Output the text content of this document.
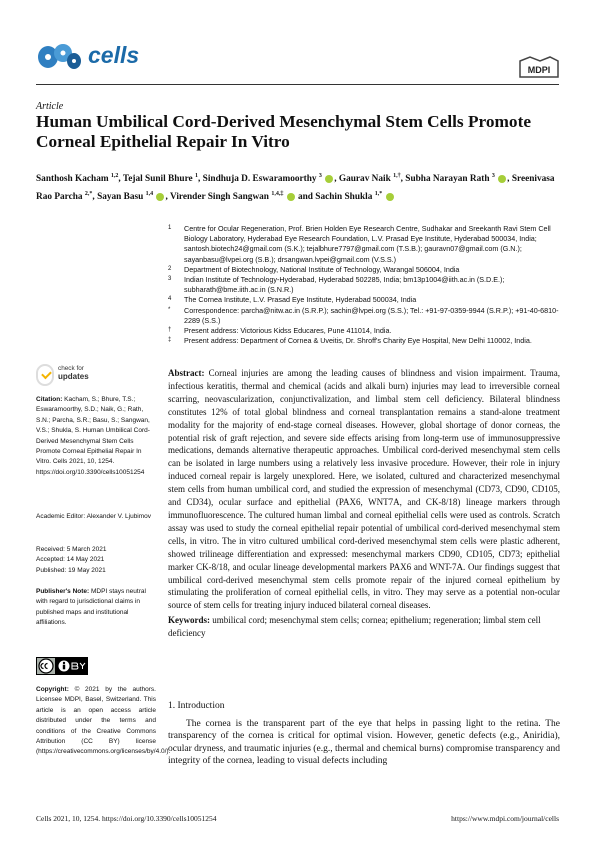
cells
MDPI
Article
Human Umbilical Cord-Derived Mesenchymal Stem Cells Promote Corneal Epithelial Repair In Vitro
Santhosh Kacham $^{1,2}$, Tejal Sunil Bhure $^1$, Sindhuja D. Eswaramoorthy $^3$ , Gaurav Naik $^{1,\dagger}$, Subha Narayan Rath $^3$ , Sreenivasa Rao Parcha $^{2,*}$, Sayan Basu $^{1,4}$ , Virender Singh Sangwan $^{1,4,\ddagger}$  and Sachin Shukla $^{1,*}$
1 Centre for Ocular Regeneration, Prof. Brien Holden Eye Research Centre, Sudhakar and Sreekanth Ravi Stem Cell Biology Laboratory, Hyderabad Eye Research Foundation, L.V. Prasad Eye Institute, Hyderabad 500034, India; santosh.biotech24@gmail.com (S.K.); tejalbhure7797@gmail.com (T.S.B.); gauravn07@gmail.com (G.N.); sayanbasu@lvpei.org (S.B.); drsangwan.lvpei@gmail.com (V.S.S.)
2 Department of Biotechnology, National Institute of Technology, Warangal 506004, India
3 Indian Institute of Technology-Hyderabad, Hyderabad 502285, India; bm13p1004@iith.ac.in (S.D.E.); subharath@bme.iith.ac.in (S.N.R.)
4 The Cornea Institute, L.V. Prasad Eye Institute, Hyderabad 500034, India
* Correspondence: parcha@nitw.ac.in (S.R.P.); sachin@lvpei.org (S.S.); Tel.: +91-97-0359-9944 (S.R.P.); +91-40-6810-2289 (S.S.)
† Present address: Victorious Kidss Educares, Pune 411014, India.
‡ Present address: Department of Cornea & Uveitis, Dr. Shroff's Charity Eye Hospital, New Delhi 110002, India.
check for
updates
Citation: Kacham, S.; Bhure, T.S.; Eswaramoorthy, S.D.; Naik, G.; Rath, S.N.; Parcha, S.R.; Basu, S.; Sangwan, V.S.; Shukla, S. Human Umbilical Cord-Derived Mesenchymal Stem Cells Promote Corneal Epithelial Repair In Vitro. Cells 2021, 10, 1254. https://doi.org/10.3390/cells10051254
Academic Editor: Alexander V. Ljubimov
Received: 5 March 2021
Accepted: 14 May 2021
Published: 19 May 2021
Publisher's Note: MDPI stays neutral with regard to jurisdictional claims in published maps and institutional affiliations.
Copyright: © 2021 by the authors. Licensee MDPI, Basel, Switzerland. This article is an open access article distributed under the terms and conditions of the Creative Commons Attribution (CC BY) license (https://creativecommons.org/licenses/by/4.0/).
Abstract: Corneal injuries are among the leading causes of blindness and vision impairment. Trauma, infectious keratitis, thermal and chemical (acids and alkali burn) injuries may lead to irreversible corneal scarring, neovascularization, conjunctivalization, and limbal stem cell deficiency. Bilateral blindness constitutes 12% of total global blindness and corneal transplantation remains a stand-alone treatment modality for the majority of end-stage corneal diseases. However, global shortage of donor corneas, the potential risk of graft rejection, and severe side effects arising from long-term use of immunosuppressive medications, demands alternative therapeutic approaches. Umbilical cord-derived mesenchymal stem cells can be isolated in large numbers using a relatively less invasive procedure. However, their role in injury induced corneal repair is largely unexplored. Here, we isolated, cultured and characterized mesenchymal stem cells from human umbilical cord, and studied the expression of mesenchymal (CD73, CD90, CD105, and CD34), ocular surface and epithelial (PAX6, WNT7A, and CK-8/18) lineage markers through immunofluorescence. The cultured human limbal and corneal epithelial cells were used as controls. Scratch assay was used to study the corneal epithelial repair potential of umbilical cord-derived mesenchymal stem cells, in vitro. The in vitro cultured umbilical cord-derived mesenchymal stem cells were plastic adherent, showed trilineage differentiation and expressed: mesenchymal markers CD90, CD105, CD73; epithelial marker CK-8/18, and ocular lineage developmental markers PAX6 and WNT-7A. Our findings suggest that umbilical cord-derived mesenchymal stem cells promote repair of the injured corneal epithelium by stimulating the proliferation of corneal epithelial cells, in vitro. They may serve as a potential non-ocular source of stem cells for treating injury induced bilateral corneal diseases.
Keywords: umbilical cord; mesenchymal stem cells; cornea; epithelium; regeneration; limbal stem cell deficiency
1. Introduction
The cornea is the transparent part of the eye that helps in passing light to the retina. The transparency of the cornea is critical for optimal vision. However, genetic defects (e.g., Aniridia), ocular dryness, and traumatic injuries (e.g., thermal and chemical burns) compromise transparency and integrity of the cornea, leading to visual defects including
Cells 2021, 10, 1254. https://doi.org/10.3390/cells10051254	https://www.mdpi.com/journal/cells
